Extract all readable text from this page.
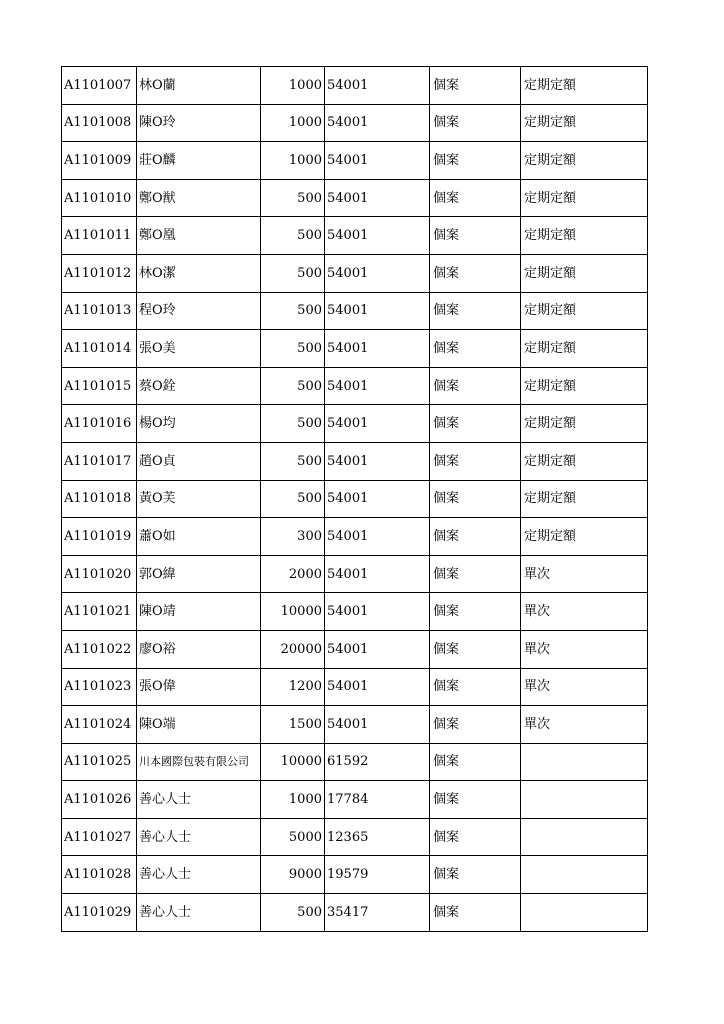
A1101007	林O蘭	1000	54001	個案	定期定額
A1101008	陳O玲	1000	54001	個案	定期定額
A1101009	莊O麟	1000	54001	個案	定期定額
A1101010	鄭O猷	500	54001	個案	定期定額
A1101011	鄭O凰	500	54001	個案	定期定額
A1101012	林O潔	500	54001	個案	定期定額
A1101013	程O玲	500	54001	個案	定期定額
A1101014	張O美	500	54001	個案	定期定額
A1101015	蔡O銓	500	54001	個案	定期定額
A1101016	楊O均	500	54001	個案	定期定額
A1101017	趙O貞	500	54001	個案	定期定額
A1101018	黃O芙	500	54001	個案	定期定額
A1101019	蕭O如	300	54001	個案	定期定額
A1101020	郭O緯	2000	54001	個案	單次
A1101021	陳O靖	10000	54001	個案	單次
A1101022	廖O裕	20000	54001	個案	單次
A1101023	張O偉	1200	54001	個案	單次
A1101024	陳O端	1500	54001	個案	單次
A1101025	川本國際包裝有限公司	10000	61592	個案	
A1101026	善心人士	1000	17784	個案	
A1101027	善心人士	5000	12365	個案	
A1101028	善心人士	9000	19579	個案	
A1101029	善心人士	500	35417	個案	
